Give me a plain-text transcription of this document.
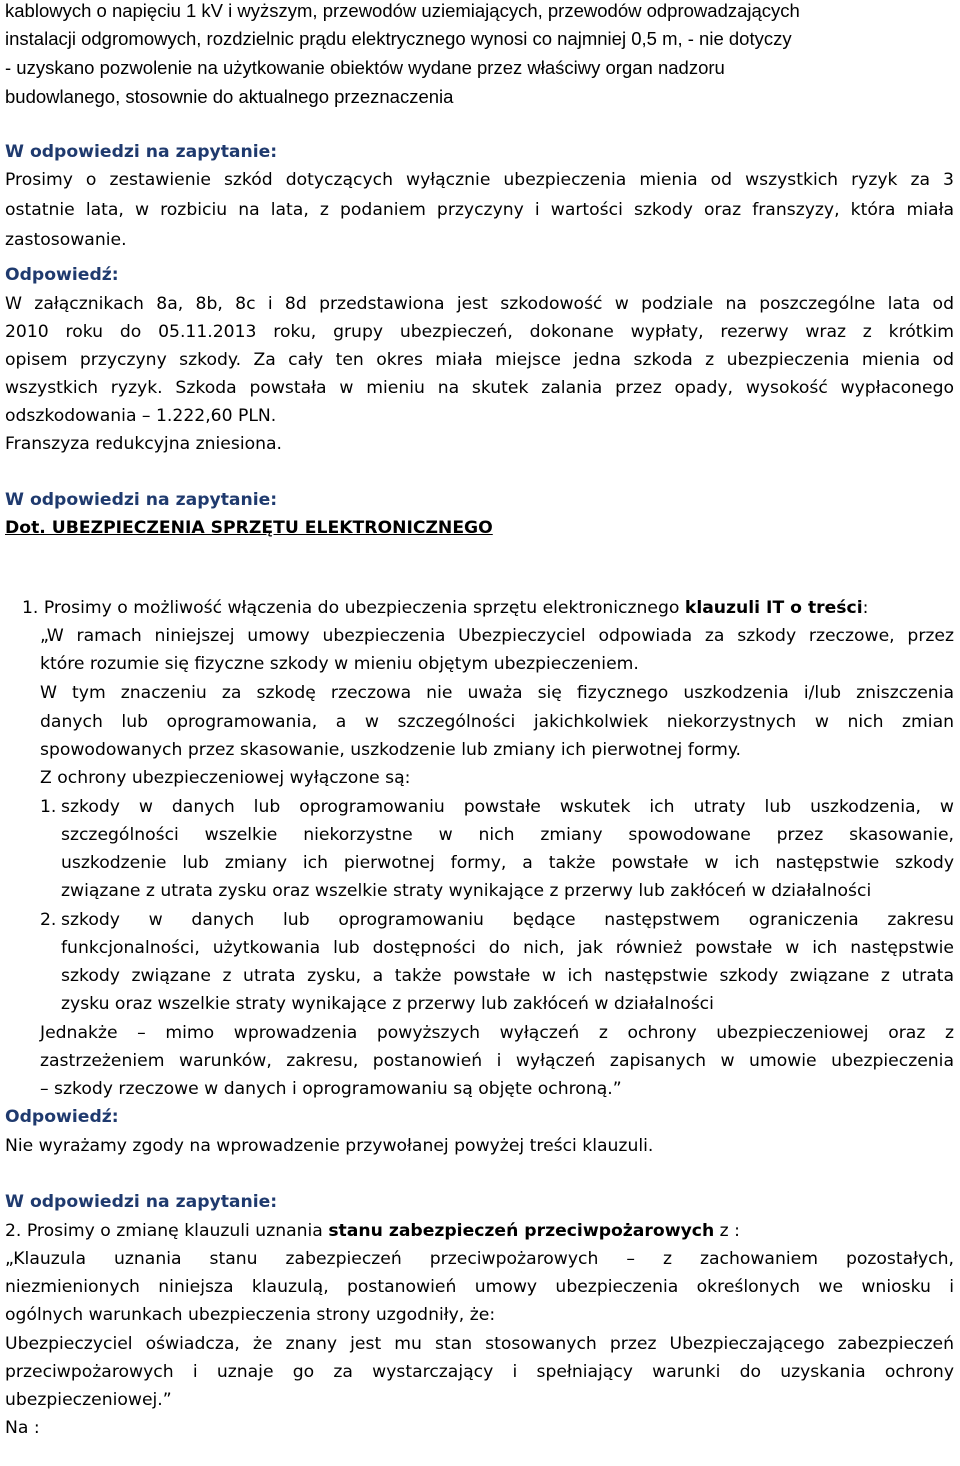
kablowych o napięciu 1 kV i wyższym, przewodów uziemiających, przewodów odprowadzających
instalacji odgromowych, rozdzielnic prądu elektrycznego wynosi co najmniej 0,5 m, - nie dotyczy
- uzyskano pozwolenie na użytkowanie obiektów wydane przez właściwy organ nadzoru
budowlanego, stosownie do aktualnego przeznaczenia
W odpowiedzi na zapytanie:
Prosimy o zestawienie szkód dotyczących wyłącznie ubezpieczenia mienia od wszystkich ryzyk za 3
ostatnie lata, w rozbiciu na lata, z podaniem przyczyny i wartości szkody oraz franszyzy, która miała
zastosowanie.
Odpowiedź:
W załącznikach 8a, 8b, 8c i 8d przedstawiona jest szkodowość w podziale na poszczególne lata od
2010 roku do 05.11.2013 roku, grupy ubezpieczeń, dokonane wypłaty, rezerwy wraz z krótkim
opisem przyczyny szkody. Za cały ten okres miała miejsce jedna szkoda z ubezpieczenia mienia od
wszystkich ryzyk. Szkoda powstała w mieniu na skutek zalania przez opady, wysokość wypłaconego
odszkodowania – 1.222,60 PLN.
Franszyza redukcyjna zniesiona.
W odpowiedzi na zapytanie:
Dot. UBEZPIECZENIA SPRZĘTU ELEKTRONICZNEGO
1. Prosimy o możliwość włączenia do ubezpieczenia sprzętu elektronicznego klauzuli IT o treści:
„W ramach niniejszej umowy ubezpieczenia Ubezpieczyciel odpowiada za szkody rzeczowe, przez
które rozumie się fizyczne szkody w mieniu objętym ubezpieczeniem.
W tym znaczeniu za szkodę rzeczowa nie uważa się fizycznego uszkodzenia i/lub zniszczenia
danych lub oprogramowania, a w szczególności jakichkolwiek niekorzystnych w nich zmian
spowodowanych przez skasowanie, uszkodzenie lub zmiany ich pierwotnej formy.
Z ochrony ubezpieczeniowej wyłączone są:
1. szkody w danych lub oprogramowaniu powstałe wskutek ich utraty lub uszkodzenia, w
szczególności wszelkie niekorzystne w nich zmiany spowodowane przez skasowanie,
uszkodzenie lub zmiany ich pierwotnej formy, a także powstałe w ich następstwie szkody
związane z utrata zysku oraz wszelkie straty wynikające z przerwy lub zakłóceń w działalności
2. szkody w danych lub oprogramowaniu będące następstwem ograniczenia zakresu
funkcjonalności, użytkowania lub dostępności do nich, jak również powstałe w ich następstwie
szkody związane z utrata zysku, a także powstałe w ich następstwie szkody związane z utrata
zysku oraz wszelkie straty wynikające z przerwy lub zakłóceń w działalności
Jednakże – mimo wprowadzenia powyższych wyłączeń z ochrony ubezpieczeniowej oraz z
zastrzeżeniem warunków, zakresu, postanowień i wyłączeń zapisanych w umowie ubezpieczenia
– szkody rzeczowe w danych i oprogramowaniu są objęte ochroną.”
Odpowiedź:
Nie wyrażamy zgody na wprowadzenie przywołanej powyżej treści klauzuli.
W odpowiedzi na zapytanie:
2. Prosimy o zmianę klauzuli uznania stanu zabezpieczeń przeciwpożarowych z :
„Klauzula uznania stanu zabezpieczeń przeciwpożarowych – z zachowaniem pozostałych,
niezmienionych niniejsza klauzulą, postanowień umowy ubezpieczenia określonych we wniosku i
ogólnych warunkach ubezpieczenia strony uzgodniły, że:
Ubezpieczyciel oświadcza, że znany jest mu stan stosowanych przez Ubezpieczającego zabezpieczeń
przeciwpożarowych i uznaje go za wystarczający i spełniający warunki do uzyskania ochrony
ubezpieczeniowej.”
Na :
